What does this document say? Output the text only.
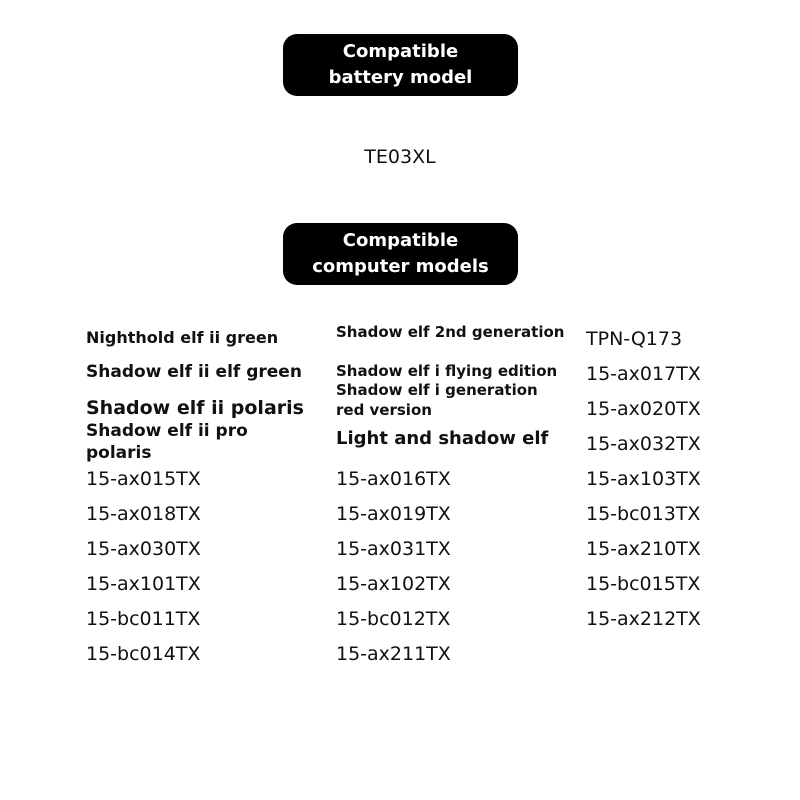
Compatible
battery model
TE03XL
Compatible
computer models
Nighthold elf ii green
Shadow elf ii elf green
Shadow elf ii polaris
Shadow elf ii pro polaris
15-ax015TX
15-ax018TX
15-ax030TX
15-ax101TX
15-bc011TX
15-bc014TX
Shadow elf 2nd generation
Shadow elf i flying edition
Shadow elf i generation red version
Light and shadow elf
15-ax016TX
15-ax019TX
15-ax031TX
15-ax102TX
15-bc012TX
15-ax211TX
TPN-Q173
15-ax017TX
15-ax020TX
15-ax032TX
15-ax103TX
15-bc013TX
15-ax210TX
15-bc015TX
15-ax212TX
